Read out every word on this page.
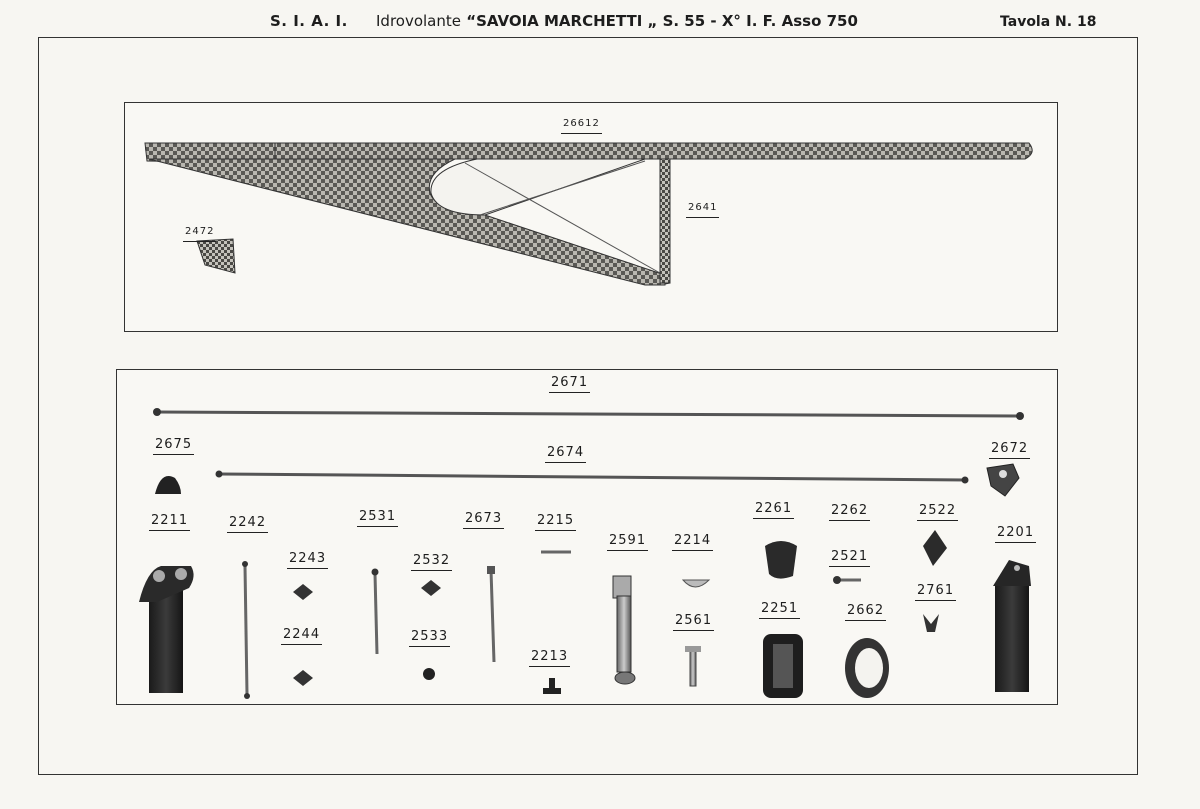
S. I. A. I. Idrovolante “SAVOIA MARCHETTI „ S. 55 - X° I. F. Asso 750	Tavola N. 18
26612
2641
2472
2671
2675
2674	2672
2211	2242
2243
2244
2531
2532
2533
2673	2215
2213
2591 2214
2561
2261
2251
2262
2521
2662
2522
2761
2201
